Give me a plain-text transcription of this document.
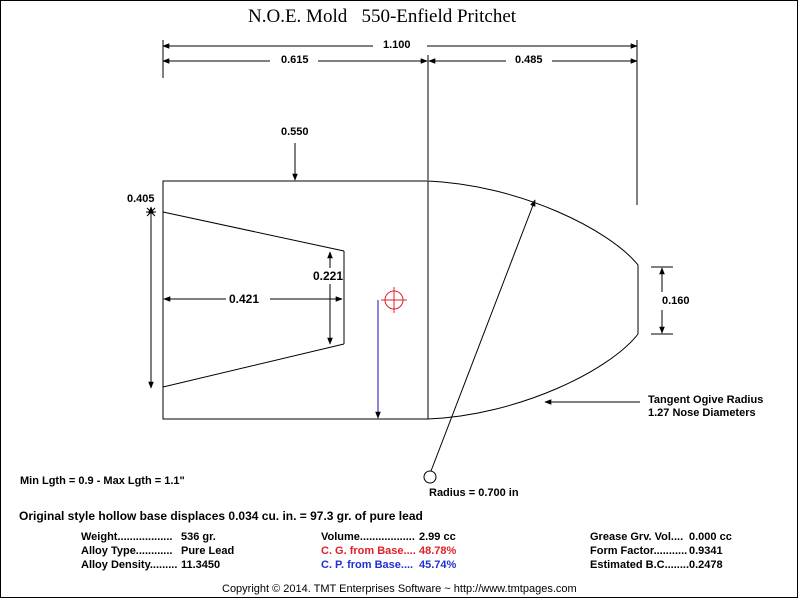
N.O.E. Mold   550-Enfield Pritchet
1.100
0.615	0.485
0.550
0.405
0.421
0.221
0.160
Tangent Ogive Radius
1.27 Nose Diameters
Radius = 0.700 in
Min Lgth = 0.9 - Max Lgth = 1.1"
Original style hollow base displaces 0.034 cu. in. = 97.3 gr. of pure lead
Weight.................. 536 gr.
Alloy Type............ Pure Lead
Alloy Density......... 11.3450
Volume.................. 2.99 cc
C. G. from Base.... 48.78%
C. P. from Base.... 45.74%
Grease Grv. Vol.... 0.000 cc
Form Factor........... 0.9341
Estimated B.C........ 0.2478
Copyright © 2014. TMT Enterprises Software ~ http://www.tmtpages.com
